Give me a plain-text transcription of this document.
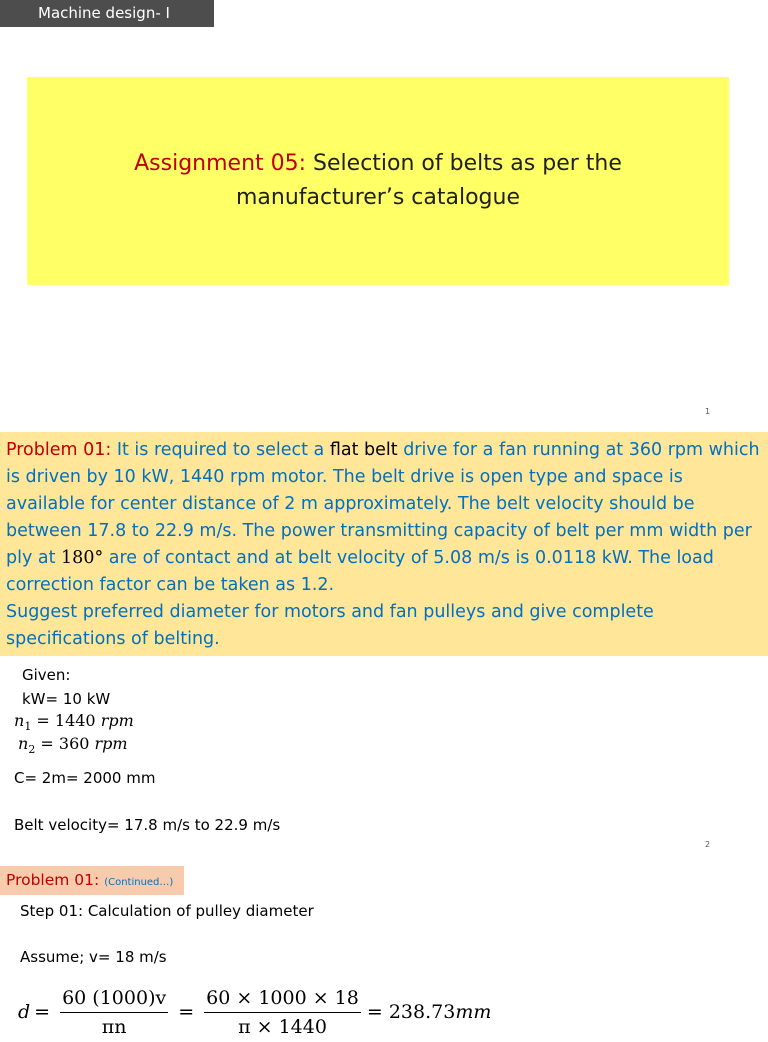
Machine design- I
Assignment 05: Selection of belts as per the
manufacturer’s catalogue
1
Problem 01: It is required to select a flat belt drive for a fan running at 360 rpm which is driven by 10 kW, 1440 rpm motor. The belt drive is open type and space is available for center distance of 2 m approximately. The belt velocity should be between 17.8 to 22.9 m/s. The power transmitting capacity of belt per mm width per ply at 180° are of contact and at belt velocity of 5.08 m/s is 0.0118 kW. The load correction factor can be taken as 1.2.
Suggest preferred diameter for motors and fan pulleys and give complete specifications of belting.
Given:
kW= 10 kW
$n_1 = 1440$ rpm
$n_2 = 360$ rpm
C= 2m= 2000 mm
Belt velocity= 17.8 m/s to 22.9 m/s
2
Problem 01: (Continued…)
Step 01: Calculation of pulley diameter
Assume; v= 18 m/s
$d = \frac{60 (1000)v}{\pi n} = \frac{60 \times 1000 \times 18}{\pi \times 1440} = 238.73$ mm
